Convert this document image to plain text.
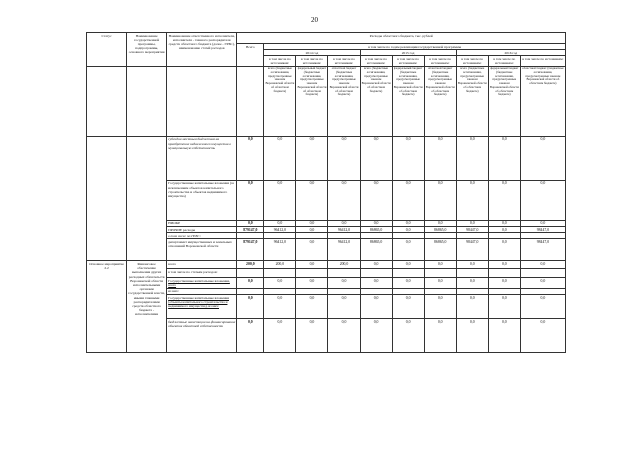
20
Статус	Наименование государственной программы, подпрограммы, основного мероприятия	Наименование ответственного исполнителя, исполнителя - главного распорядителя средств областного бюджета (далее - ГРБС), наименование статей расходов	Расходы областного бюджета, тыс. рублей									
			Всего	в том числе по годам реализации государственной программы								
				2014 год			2015 год			2016 год		
				в том числе по источникам:	в том числе по источникам:	в том числе по источникам:	в том числе по источникам:	в том числе по источникам:	в том числе по источникам:	в том числе по источникам:	в том числе по источникам:	в том числе по источникам:
				всего (бюджетные ассигнования, предусмотренные законом Воронежской области об областном бюджете)	федеральный бюджет (бюджетные ассигнования, предусмотренные законом Воронежской области об областном бюджете)	областной бюджет (бюджетные ассигнования, предусмотренные законом Воронежской области об областном бюджете)	всего (бюджетные ассигнования, предусмотренные законом Воронежской области об областном бюджете)	федеральный бюджет (бюджетные ассигнования, предусмотренные законом Воронежской области об областном бюджете)	областной бюджет (бюджетные ассигнования, предусмотренные законом Воронежской области об областном бюджете)	всего (бюджетные ассигнования, предусмотренные законом Воронежской области об областном бюджете)	федеральный бюджет (бюджетные ассигнования, предусмотренные законом Воронежской области об областном бюджете)	областной бюджет (бюджетные ассигнования, предусмотренные законом Воронежской области об областном бюджете)
		субсидии местным бюджетам на приобретение недвижимого имущества в муниципальную собственность	0,0	0,0	0,0	0,0	0,0	0,0	0,0	0,0	0,0	0,0
		Государственные капитальные вложения (за исключением объектов капитального строительства и объектов недвижимого имущества)	0,0	0,0	0,0	0,0	0,0	0,0	0,0	0,0	0,0	0,0
		НИОКР	0,0	0,0	0,0	0,0	0,0	0,0	0,0	0,0	0,0	0,0
		ПРОЧИЕ расходы	879147,0	96412,0	0,0	96412,0	86865,0	0,0	86865,0	98447,0	0,0	98447,0
		в том числе по ГРБС:										
		департамент имущественных и земельных отношений Воронежской области	879147,0	96412,0	0,0	96412,0	86865,0	0,0	86865,0	98447,0	0,0	98447,0
Основное мероприятие 2.2	Финансовое обеспечение выполнения других расходных обязательств Воронежской области исполнительными органами государственной власти, иными главными распорядителями средств областного бюджета - исполнителями	всего	200,0	200,0	0,0	200,0	0,0	0,0	0,0	0,0	0,0	0,0
		в том числе по статьям расходов:										
		Государственные капитальные вложения, всего	0,0	0,0	0,0	0,0	0,0	0,0	0,0	0,0	0,0	0,0
		из них:										
		Государственные капитальные вложения (объекты капитального строительства и недвижимого имущества), из них:	0,0	0,0	0,0	0,0	0,0	0,0	0,0	0,0	0,0	0,0
		бюджетные инвестиции на финансирование объектов областной собственности	0,0	0,0	0,0	0,0	0,0	0,0	0,0	0,0	0,0	0,0
